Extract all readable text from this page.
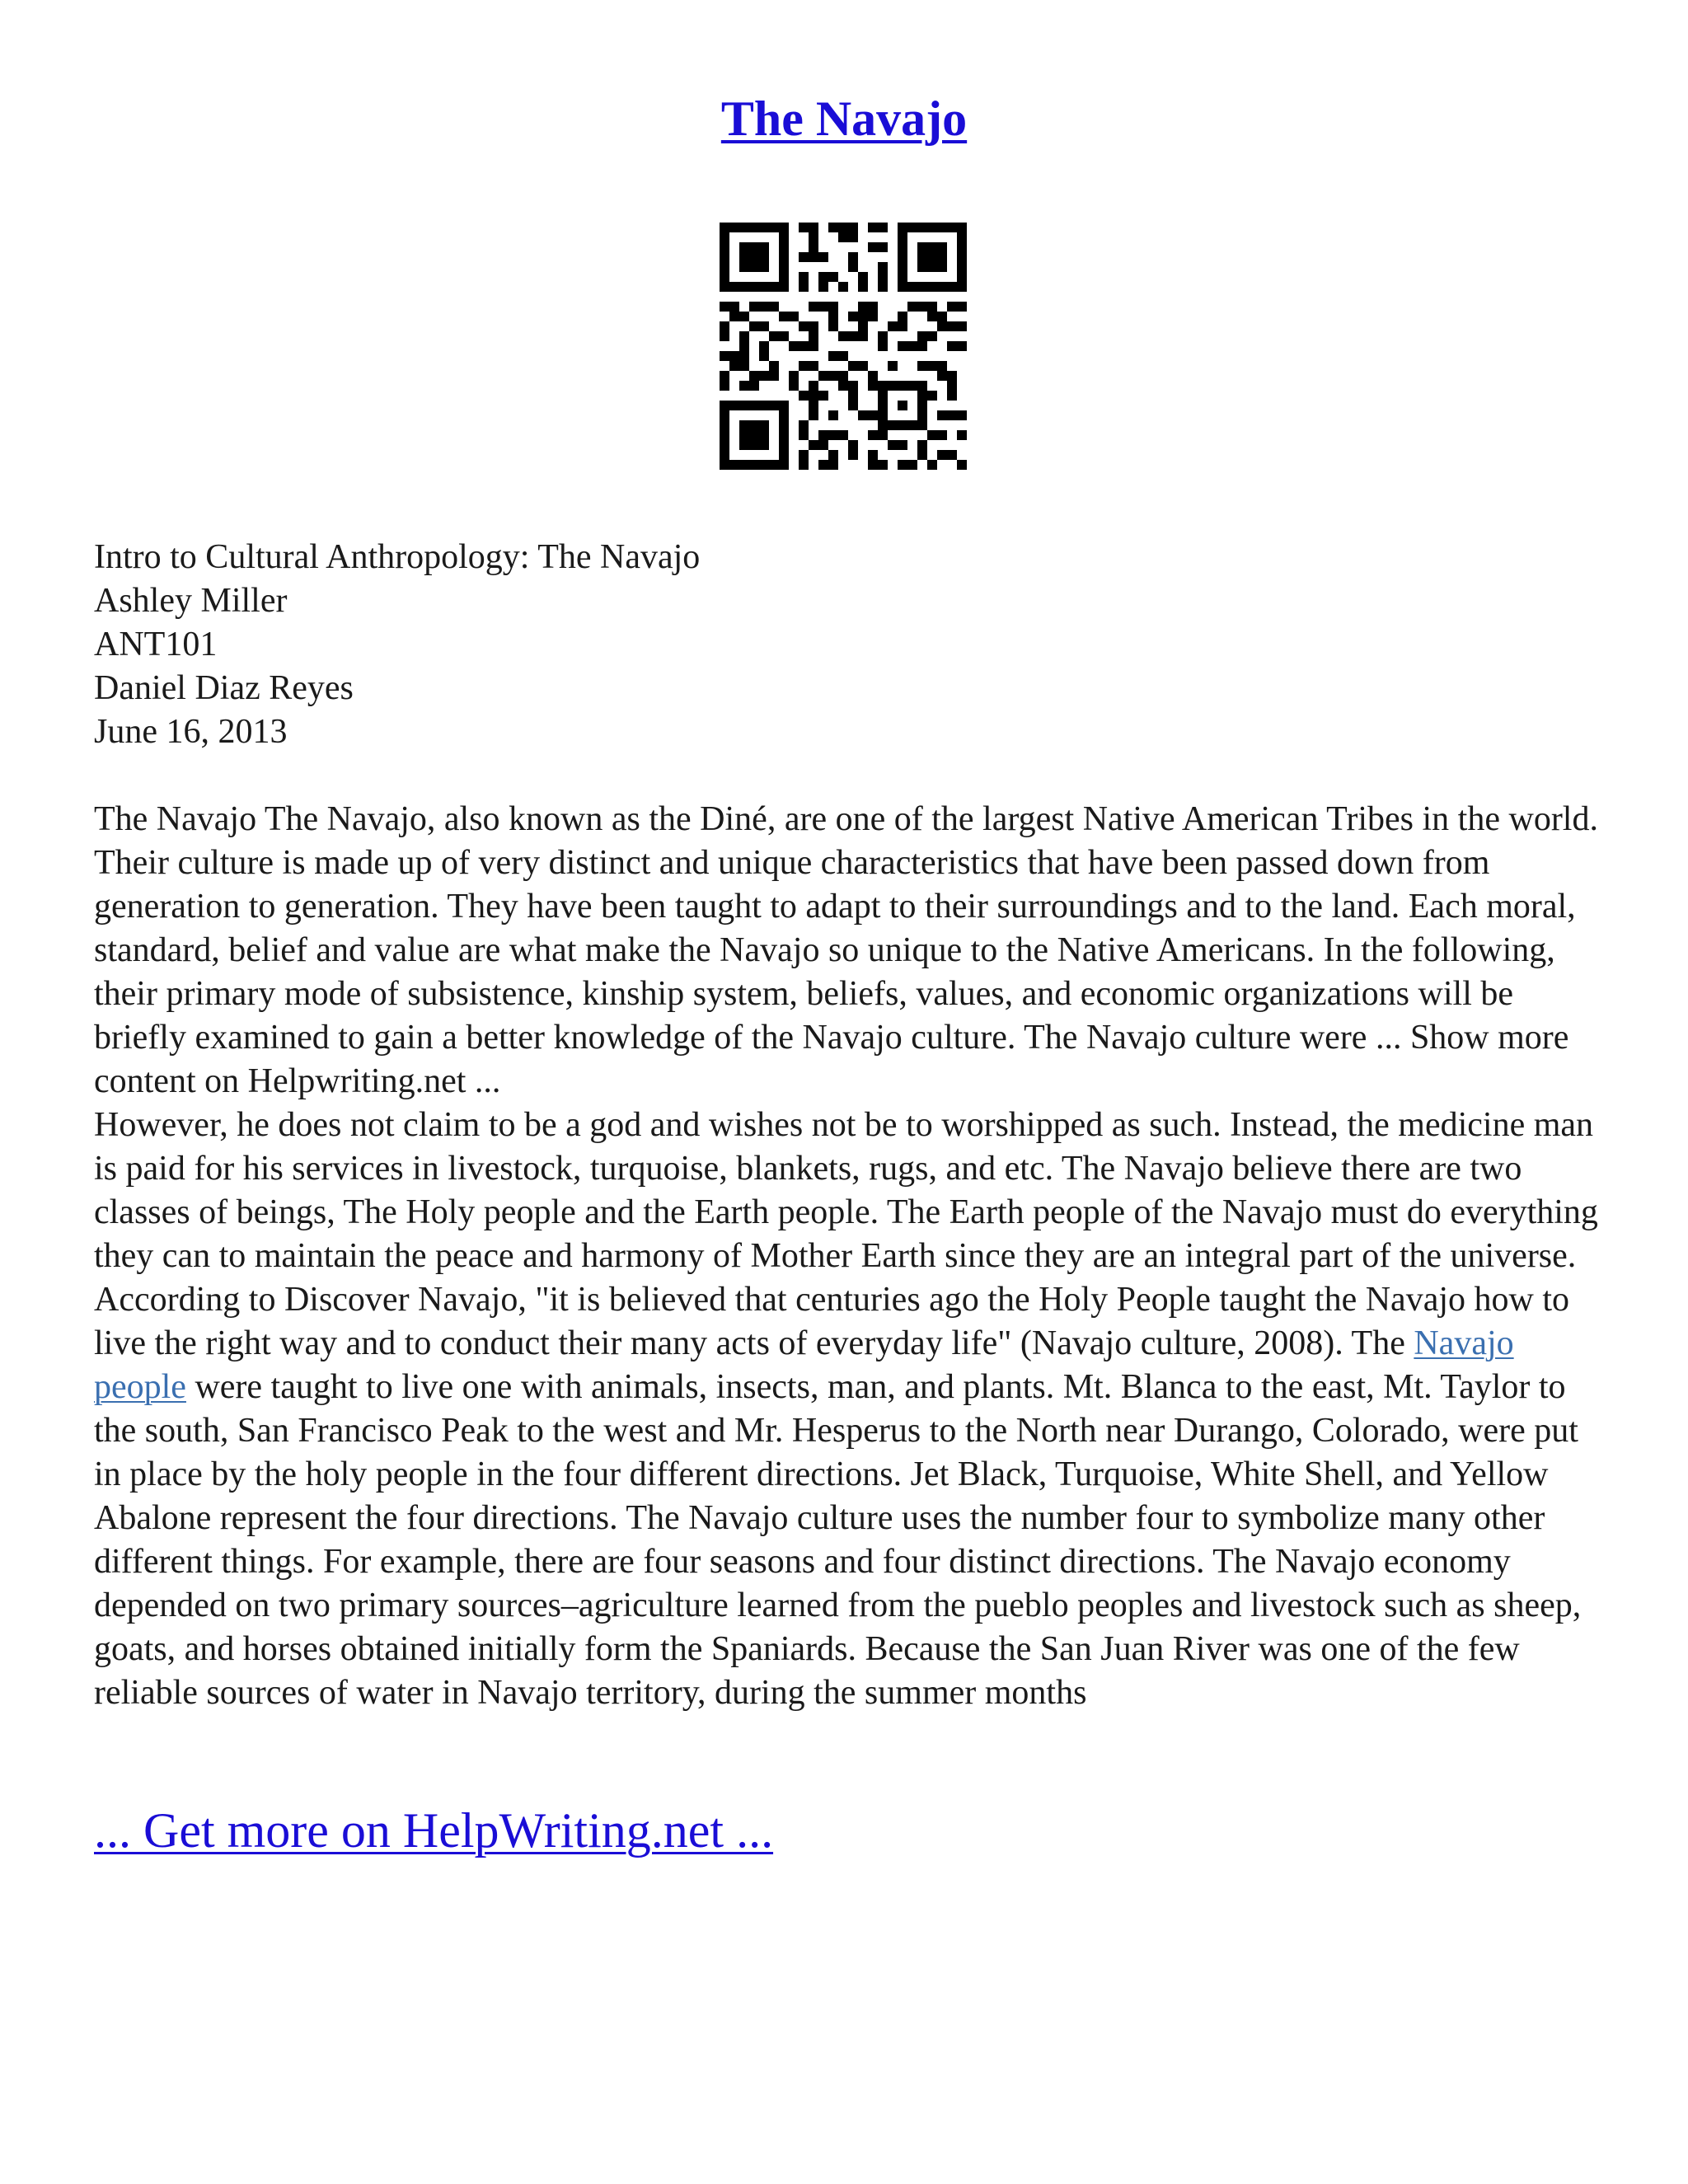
The Navajo
Intro to Cultural Anthropology: The Navajo
Ashley Miller
ANT101
Daniel Diaz Reyes
June 16, 2013

The Navajo The Navajo, also known as the Diné, are one of the largest Native American Tribes in the world. Their culture is made up of very distinct and unique characteristics that have been passed down from generation to generation. They have been taught to adapt to their surroundings and to the land. Each moral, standard, belief and value are what make the Navajo so unique to the Native Americans. In the following, their primary mode of subsistence, kinship system, beliefs, values, and economic organizations will be briefly examined to gain a better knowledge of the Navajo culture. The Navajo culture were ... Show more content on Helpwriting.net ...

However, he does not claim to be a god and wishes not be to worshipped as such. Instead, the medicine man is paid for his services in livestock, turquoise, blankets, rugs, and etc. The Navajo believe there are two classes of beings, The Holy people and the Earth people. The Earth people of the Navajo must do everything they can to maintain the peace and harmony of Mother Earth since they are an integral part of the universe. According to Discover Navajo, "it is believed that centuries ago the Holy People taught the Navajo how to live the right way and to conduct their many acts of everyday life" (Navajo culture, 2008). The Navajo people were taught to live one with animals, insects, man, and plants. Mt. Blanca to the east, Mt. Taylor to the south, San Francisco Peak to the west and Mr. Hesperus to the North near Durango, Colorado, were put in place by the holy people in the four different directions. Jet Black, Turquoise, White Shell, and Yellow Abalone represent the four directions. The Navajo culture uses the number four to symbolize many other different things. For example, there are four seasons and four distinct directions. The Navajo economy depended on two primary sources–agriculture learned from the pueblo peoples and livestock such as sheep, goats, and horses obtained initially form the Spaniards. Because the San Juan River was one of the few reliable sources of water in Navajo territory, during the summer months

... Get more on HelpWriting.net ...
